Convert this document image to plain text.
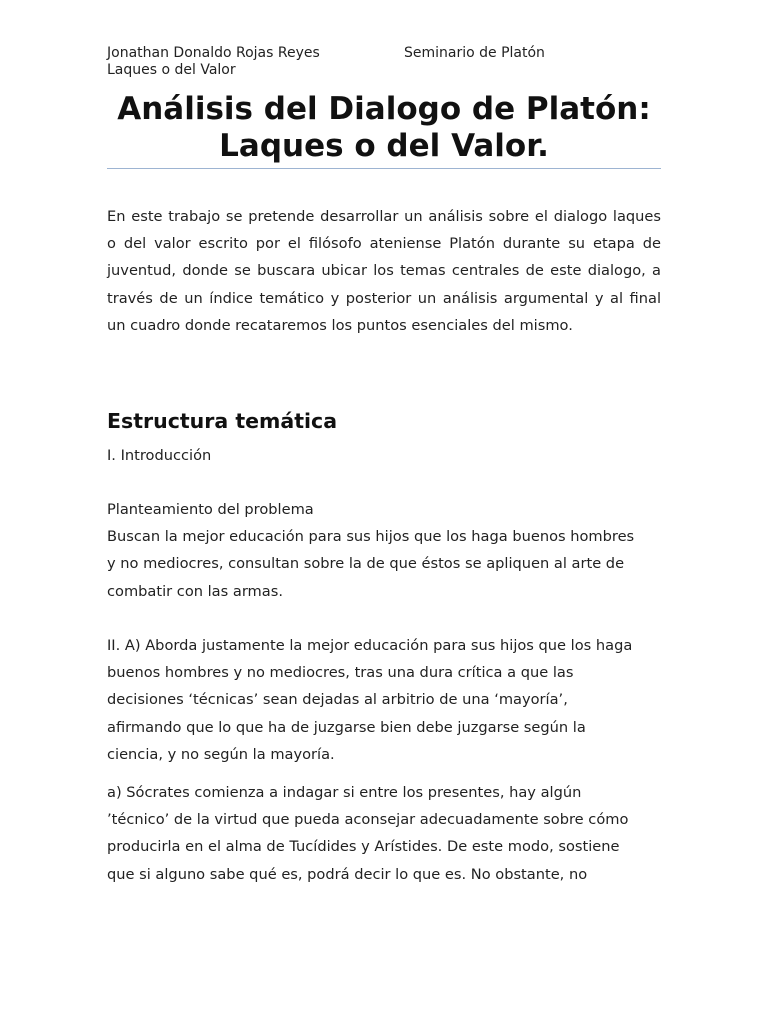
Jonathan Donaldo Rojas Reyes	Seminario de Platón
Laques o del Valor
Análisis del Dialogo de Platón:
Laques o del Valor.

En este trabajo se pretende desarrollar un análisis sobre el dialogo laques o del valor escrito por el filósofo ateniense Platón durante su etapa de juventud, donde se buscara ubicar los temas centrales de este dialogo, a través de un índice temático y posterior un análisis argumental y al final un cuadro donde recataremos los puntos esenciales del mismo.

Estructura temática

I. Introducción

Planteamiento del problema
Buscan la mejor educación para sus hijos que los haga buenos hombres
y no mediocres, consultan sobre la de que éstos se apliquen al arte de
combatir con las armas.

II. A) Aborda justamente la mejor educación para sus hijos que los haga
buenos hombres y no mediocres, tras una dura crítica a que las
decisiones ‘técnicas’ sean dejadas al arbitrio de una ‘mayoría’,
afirmando que lo que ha de juzgarse bien debe juzgarse según la
ciencia, y no según la mayoría.

a) Sócrates comienza a indagar si entre los presentes, hay algún
’técnico’ de la virtud que pueda aconsejar adecuadamente sobre cómo
producirla en el alma de Tucídides y Arístides. De este modo, sostiene
que si alguno sabe qué es, podrá decir lo que es. No obstante, no
